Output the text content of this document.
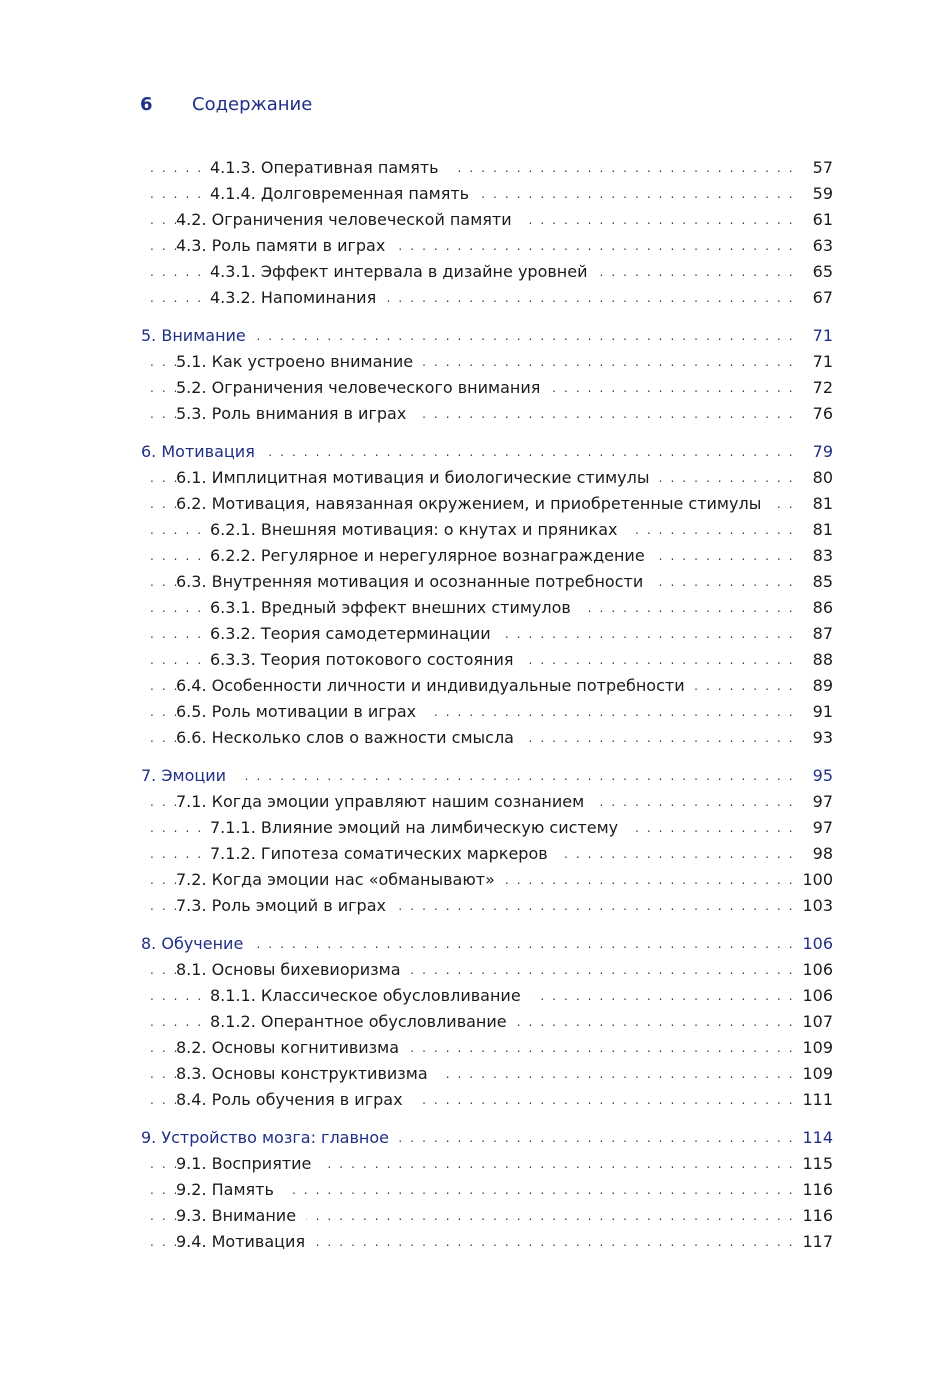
6	Содержание
. . .
4.1.3. Оперативная память	57
. . .
4.1.4. Долговременная память	59
. . .
4.2. Ограничения человеческой памяти	61
. . .
4.3. Роль памяти в играх	63
. . .
4.3.1. Эффект интервала в дизайне уровней	65
. . .
4.3.2. Напоминания	67
. . .
5. Внимание	71
. . .
5.1. Как устроено внимание	71
. . .
5.2. Ограничения человеческого внимания	72
. . .
5.3. Роль внимания в играх	76
. . .
6. Мотивация	79
. . .
6.1. Имплицитная мотивация и биологические стимулы	80
. . .
6.2. Мотивация, навязанная окружением, и приобретенные стимулы	81
. . .
6.2.1. Внешняя мотивация: о кнутах и пряниках	81
. . .
6.2.2. Регулярное и нерегулярное вознаграждение	83
. . .
6.3. Внутренняя мотивация и осознанные потребности	85
. . .
6.3.1. Вредный эффект внешних стимулов	86
. . .
6.3.2. Теория самодетерминации	87
. . .
6.3.3. Теория потокового состояния	88
. . .
6.4. Особенности личности и индивидуальные потребности	89
. . .
6.5. Роль мотивации в играх	91
. . .
6.6. Несколько слов о важности смысла	93
. . .
7. Эмоции	95
. . .
7.1. Когда эмоции управляют нашим сознанием	97
. . .
7.1.1. Влияние эмоций на лимбическую систему	97
. . .
7.1.2. Гипотеза соматических маркеров	98
. . .
7.2. Когда эмоции нас «обманывают»	100
. . .
7.3. Роль эмоций в играх	103
. . .
8. Обучение	106
. . .
8.1. Основы бихевиоризма	106
. . .
8.1.1. Классическое обусловливание	106
. . .
8.1.2. Оперантное обусловливание	107
. . .
8.2. Основы когнитивизма	109
. . .
8.3. Основы конструктивизма	109
. . .
8.4. Роль обучения в играх	111
. . .
9. Устройство мозга: главное	114
. . .
9.1. Восприятие	115
. . .
9.2. Память	116
. . .
9.3. Внимание	116
. . .
9.4. Мотивация	117
